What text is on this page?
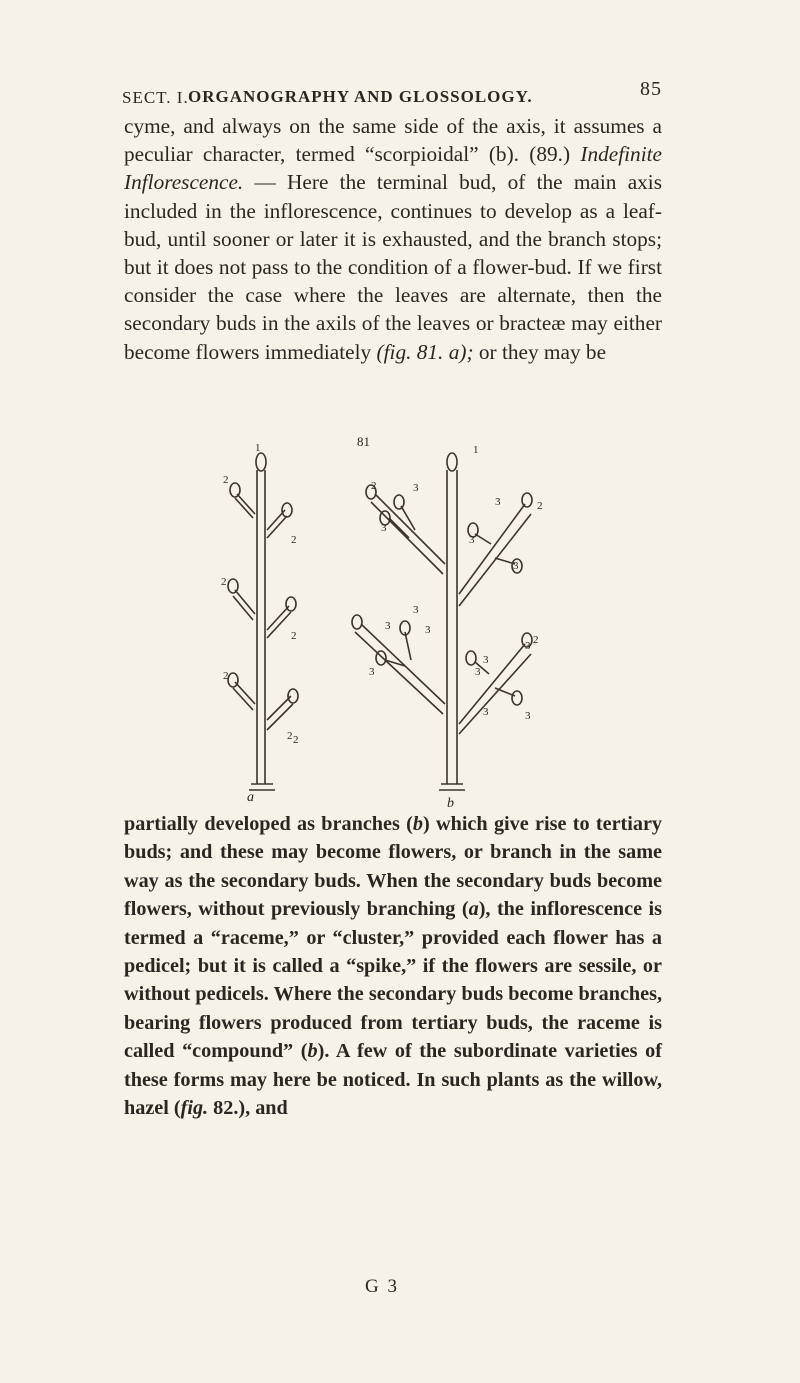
SECT. I. ORGANOGRAPHY AND GLOSSOLOGY.	85

cyme, and always on the same side of the axis, it assumes a peculiar character, termed “scorpioidal” (b). (89.) Indefinite Inflorescence. — Here the terminal bud, of the main axis included in the inflorescence, continues to develop as a leaf-bud, until sooner or later it is exhausted, and the branch stops; but it does not pass to the condition of a flower-bud. If we first consider the case where the leaves are alternate, then the secondary buds in the axils of the leaves or bracteæ may either become flowers immediately (fig. 81. a); or they may be

81
a	b
1
2
2
2
2
2
2
2
1
2	3
3
3
3	2
3
3
3	3
3	3
3
3 2
3	3

partially developed as branches (b) which give rise to tertiary buds; and these may become flowers, or branch in the same way as the secondary buds. When the secondary buds become flowers, without previously branching (a), the inflorescence is termed a “raceme,” or “cluster,” provided each flower has a pedicel; but it is called a “spike,” if the flowers are sessile, or without pedicels. Where the secondary buds become branches, bearing flowers produced from tertiary buds, the raceme is called “compound” (b). A few of the subordinate varieties of these forms may here be noticed. In such plants as the willow, hazel (fig. 82.), and

G 3
